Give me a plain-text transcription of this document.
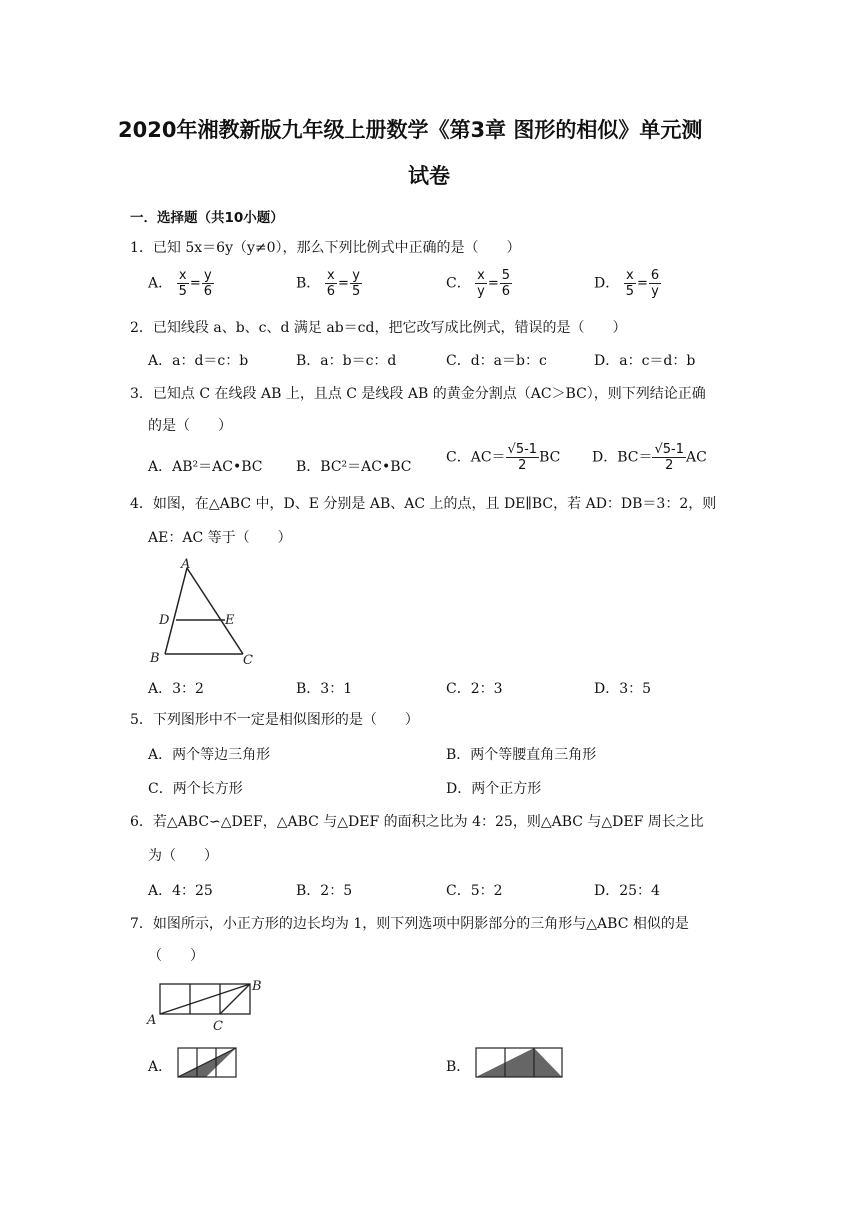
2020年湘教新版九年级上册数学《第3章 图形的相似》单元测
试卷
一．选择题（共10小题）
1．已知 5x＝6y（y≠0），那么下列比例式中正确的是（　　）
A． $\frac{x}{5} = \frac{y}{6}$	B． $\frac{x}{6} = \frac{y}{5}$	C． $\frac{x}{y} = \frac{5}{6}$	D． $\frac{x}{5} = \frac{6}{y}$
2．已知线段 a、b、c、d 满足 ab＝cd，把它改写成比例式，错误的是（　　）
A．a：d＝c：b	B．a：b＝c：d	C．d：a＝b：c	D．a：c＝d：b
3．已知点 C 在线段 AB 上，且点 C 是线段 AB 的黄金分割点（AC＞BC），则下列结论正确
的是（　　）
A．AB²＝AC•BC B．BC²＝AC•BC
C．$AC= \frac{√5-1}{2}$ BC D．$BC= \frac{√5-1}{2}$ AC
4．如图，在△ABC 中，D、E 分别是 AB、AC 上的点，且 DE∥BC，若 AD：DB＝3：2，则
AE：AC 等于（　　）
A
D	E
B	C
A．3：2	B．3：1	C．2：3	D．3：5
5．下列图形中不一定是相似图形的是（　　）
A．两个等边三角形	B．两个等腰直角三角形
C．两个长方形	D．两个正方形
6．若△ABC∽△DEF，△ABC 与△DEF 的面积之比为 4：25，则△ABC 与△DEF 周长之比
为（　　）
A．4：25	B．2：5	C．5：2	D．25：4
7．如图所示，小正方形的边长均为 1，则下列选项中阴影部分的三角形与△ABC 相似的是
（　　）
A
B
C
A．	B．
